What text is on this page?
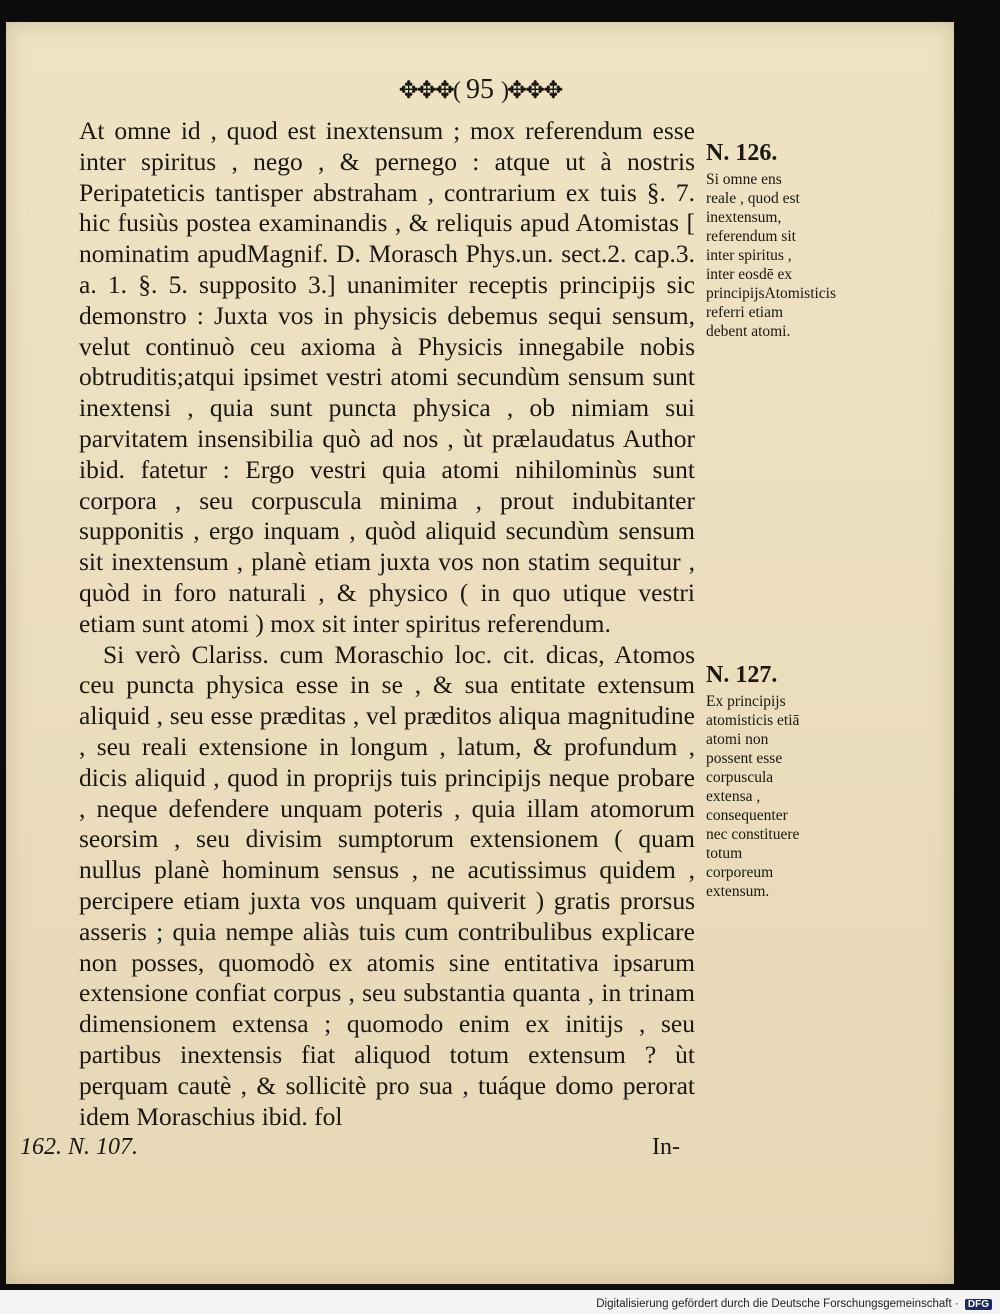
✥✥✥( 95 )✥✥✥

At omne id , quod est inextensum ; mox referendum esse inter spiritus , nego , & pernego : atque ut à nostris Peripateticis tantisper abstraham , contrarium ex tuis §. 7. hic fusiùs postea examinandis , & reliquis apud Atomistas [ nominatim apudMagnif. D. Morasch Phys.un. sect.2. cap.3. a. 1. §. 5. supposito 3.] unanimiter receptis principijs sic demonstro : Juxta vos in physicis debemus sequi sensum, velut continuò ceu axioma à Physicis innegabile nobis obtruditis;atqui ipsimet vestri atomi secundùm sensum sunt inextensi , quia sunt puncta physica , ob nimiam sui parvitatem insensibilia quò ad nos , ùt prælaudatus Author ibid. fatetur : Ergo vestri quia atomi nihilominùs sunt corpora , seu corpuscula minima , prout indubitanter supponitis , ergo inquam , quòd aliquid secundùm sensum sit inextensum , planè etiam juxta vos non statim sequitur , quòd in foro naturali , & physico ( in quo utique vestri etiam sunt atomi ) mox sit inter spiritus referendum.

Si verò Clariss. cum Moraschio loc. cit. dicas, Atomos ceu puncta physica esse in se , & sua entitate extensum aliquid , seu esse præditas , vel præditos aliqua magnitudine , seu reali extensione in longum , latum, & profundum , dicis aliquid , quod in proprijs tuis principijs neque probare , neque defendere unquam poteris , quia illam atomorum seorsim , seu divisim sumptorum extensionem ( quam nullus planè hominum sensus , ne acutissimus quidem , percipere etiam juxta vos unquam quiverit ) gratis prorsus asseris ; quia nempe aliàs tuis cum contribulibus explicare non posses, quomodò ex atomis sine entitativa ipsarum extensione confiat corpus , seu substantia quanta , in trinam dimensionem extensa ; quomodo enim ex initijs , seu partibus inextensis fiat aliquod totum extensum ? ùt perquam cautè , & sollicitè pro sua , tuáque domo perorat idem Moraschius ibid. fol

162. N. 107.	In-
N. 126.
Si omne ens reale , quod est inextensum, referendum sit inter spiritus , inter eosdē ex principijsAtomisticis referri etiam debent atomi.
N. 127.
Ex principijs atomisticis etiā atomi non possent esse corpuscula extensa , consequenter nec constituere totum corporeum extensum.
Digitalisierung gefördert durch die Deutsche Forschungsgemeinschaft · DFG
